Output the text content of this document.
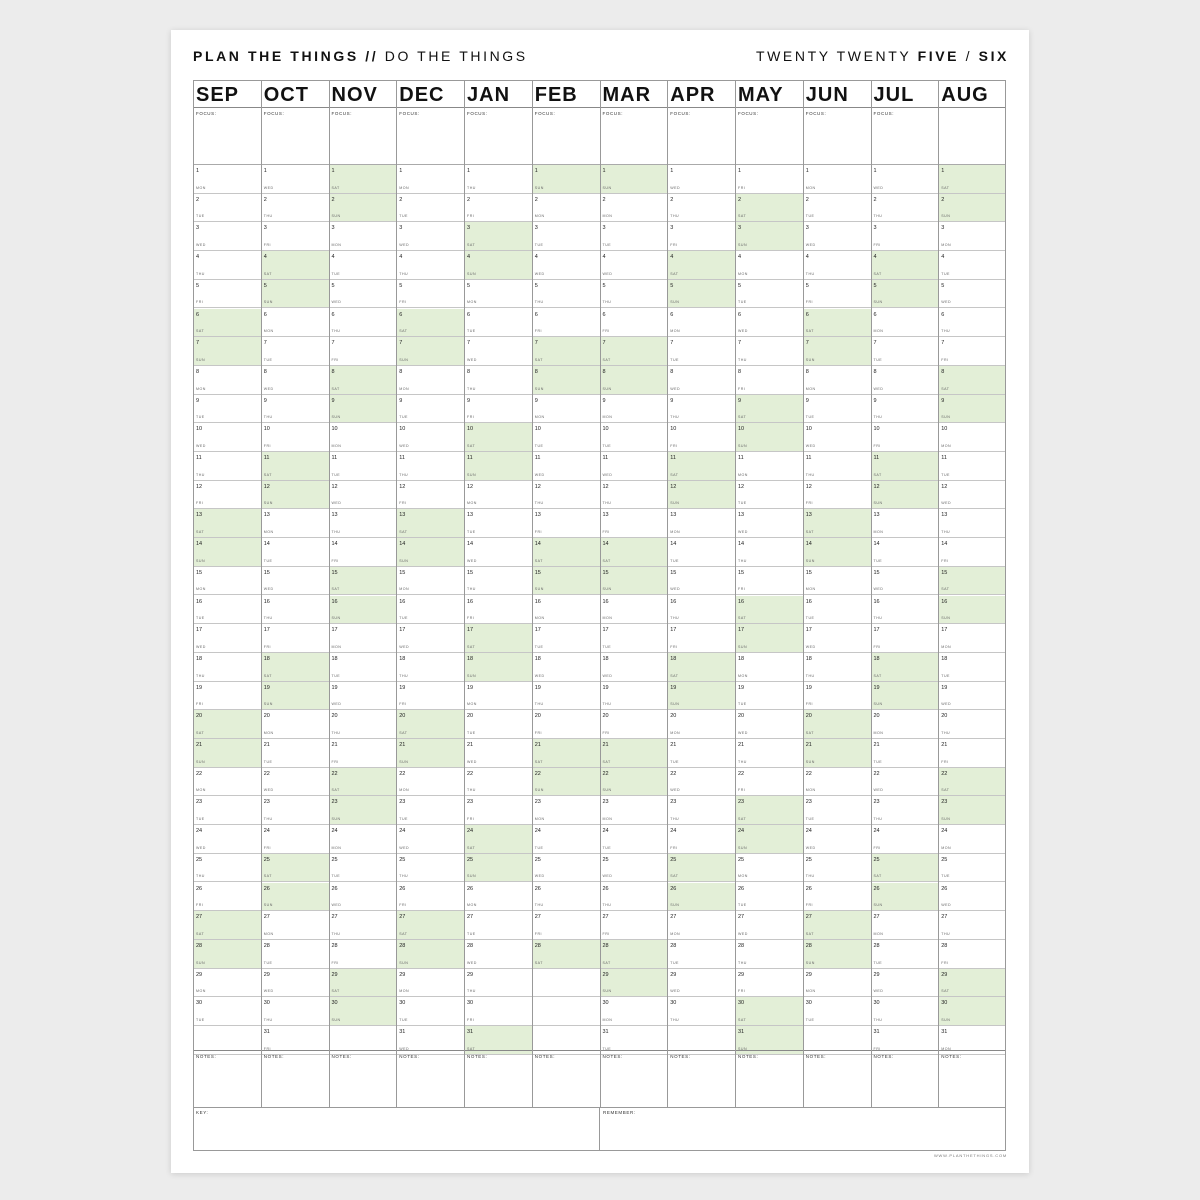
PLAN THE THINGS // DO THE THINGS	TWENTY TWENTY FIVE / SIX
SEP
FOCUS:
1
MON
2
TUE
3
WED
4
THU
5
FRI
6
SAT
7
SUN
8
MON
9
TUE
10
WED
11
THU
12
FRI
13
SAT
14
SUN
15
MON
16
TUE
17
WED
18
THU
19
FRI
20
SAT
21
SUN
22
MON
23
TUE
24
WED
25
THU
26
FRI
27
SAT
28
SUN
29
MON
30
TUE
NOTES:
OCT
FOCUS:
1
WED
2
THU
3
FRI
4
SAT
5
SUN
6
MON
7
TUE
8
WED
9
THU
10
FRI
11
SAT
12
SUN
13
MON
14
TUE
15
WED
16
THU
17
FRI
18
SAT
19
SUN
20
MON
21
TUE
22
WED
23
THU
24
FRI
25
SAT
26
SUN
27
MON
28
TUE
29
WED
30
THU
31
FRI
NOTES:
NOV
FOCUS:
1
SAT
2
SUN
3
MON
4
TUE
5
WED
6
THU
7
FRI
8
SAT
9
SUN
10
MON
11
TUE
12
WED
13
THU
14
FRI
15
SAT
16
SUN
17
MON
18
TUE
19
WED
20
THU
21
FRI
22
SAT
23
SUN
24
MON
25
TUE
26
WED
27
THU
28
FRI
29
SAT
30
SUN
NOTES:
DEC
FOCUS:
1
MON
2
TUE
3
WED
4
THU
5
FRI
6
SAT
7
SUN
8
MON
9
TUE
10
WED
11
THU
12
FRI
13
SAT
14
SUN
15
MON
16
TUE
17
WED
18
THU
19
FRI
20
SAT
21
SUN
22
MON
23
TUE
24
WED
25
THU
26
FRI
27
SAT
28
SUN
29
MON
30
TUE
31
WED
NOTES:
JAN
FOCUS:
1
THU
2
FRI
3
SAT
4
SUN
5
MON
6
TUE
7
WED
8
THU
9
FRI
10
SAT
11
SUN
12
MON
13
TUE
14
WED
15
THU
16
FRI
17
SAT
18
SUN
19
MON
20
TUE
21
WED
22
THU
23
FRI
24
SAT
25
SUN
26
MON
27
TUE
28
WED
29
THU
30
FRI
31
SAT
NOTES:
FEB
FOCUS:
1
SUN
2
MON
3
TUE
4
WED
5
THU
6
FRI
7
SAT
8
SUN
9
MON
10
TUE
11
WED
12
THU
13
FRI
14
SAT
15
SUN
16
MON
17
TUE
18
WED
19
THU
20
FRI
21
SAT
22
SUN
23
MON
24
TUE
25
WED
26
THU
27
FRI
28
SAT
NOTES:
MAR
FOCUS:
1
SUN
2
MON
3
TUE
4
WED
5
THU
6
FRI
7
SAT
8
SUN
9
MON
10
TUE
11
WED
12
THU
13
FRI
14
SAT
15
SUN
16
MON
17
TUE
18
WED
19
THU
20
FRI
21
SAT
22
SUN
23
MON
24
TUE
25
WED
26
THU
27
FRI
28
SAT
29
SUN
30
MON
31
TUE
NOTES:
APR
FOCUS:
1
WED
2
THU
3
FRI
4
SAT
5
SUN
6
MON
7
TUE
8
WED
9
THU
10
FRI
11
SAT
12
SUN
13
MON
14
TUE
15
WED
16
THU
17
FRI
18
SAT
19
SUN
20
MON
21
TUE
22
WED
23
THU
24
FRI
25
SAT
26
SUN
27
MON
28
TUE
29
WED
30
THU
NOTES:
MAY
FOCUS:
1
FRI
2
SAT
3
SUN
4
MON
5
TUE
6
WED
7
THU
8
FRI
9
SAT
10
SUN
11
MON
12
TUE
13
WED
14
THU
15
FRI
16
SAT
17
SUN
18
MON
19
TUE
20
WED
21
THU
22
FRI
23
SAT
24
SUN
25
MON
26
TUE
27
WED
28
THU
29
FRI
30
SAT
31
SUN
NOTES:
JUN
FOCUS:
1
MON
2
TUE
3
WED
4
THU
5
FRI
6
SAT
7
SUN
8
MON
9
TUE
10
WED
11
THU
12
FRI
13
SAT
14
SUN
15
MON
16
TUE
17
WED
18
THU
19
FRI
20
SAT
21
SUN
22
MON
23
TUE
24
WED
25
THU
26
FRI
27
SAT
28
SUN
29
MON
30
TUE
NOTES:
JUL
FOCUS:
1
WED
2
THU
3
FRI
4
SAT
5
SUN
6
MON
7
TUE
8
WED
9
THU
10
FRI
11
SAT
12
SUN
13
MON
14
TUE
15
WED
16
THU
17
FRI
18
SAT
19
SUN
20
MON
21
TUE
22
WED
23
THU
24
FRI
25
SAT
26
SUN
27
MON
28
TUE
29
WED
30
THU
31
FRI
NOTES:
AUG
1
SAT
2
SUN
3
MON
4
TUE
5
WED
6
THU
7
FRI
8
SAT
9
SUN
10
MON
11
TUE
12
WED
13
THU
14
FRI
15
SAT
16
SUN
17
MON
18
TUE
19
WED
20
THU
21
FRI
22
SAT
23
SUN
24
MON
25
TUE
26
WED
27
THU
28
FRI
29
SAT
30
SUN
31
MON
NOTES:
KEY:	REMEMBER:
WWW.PLANTHETHINGS.COM
